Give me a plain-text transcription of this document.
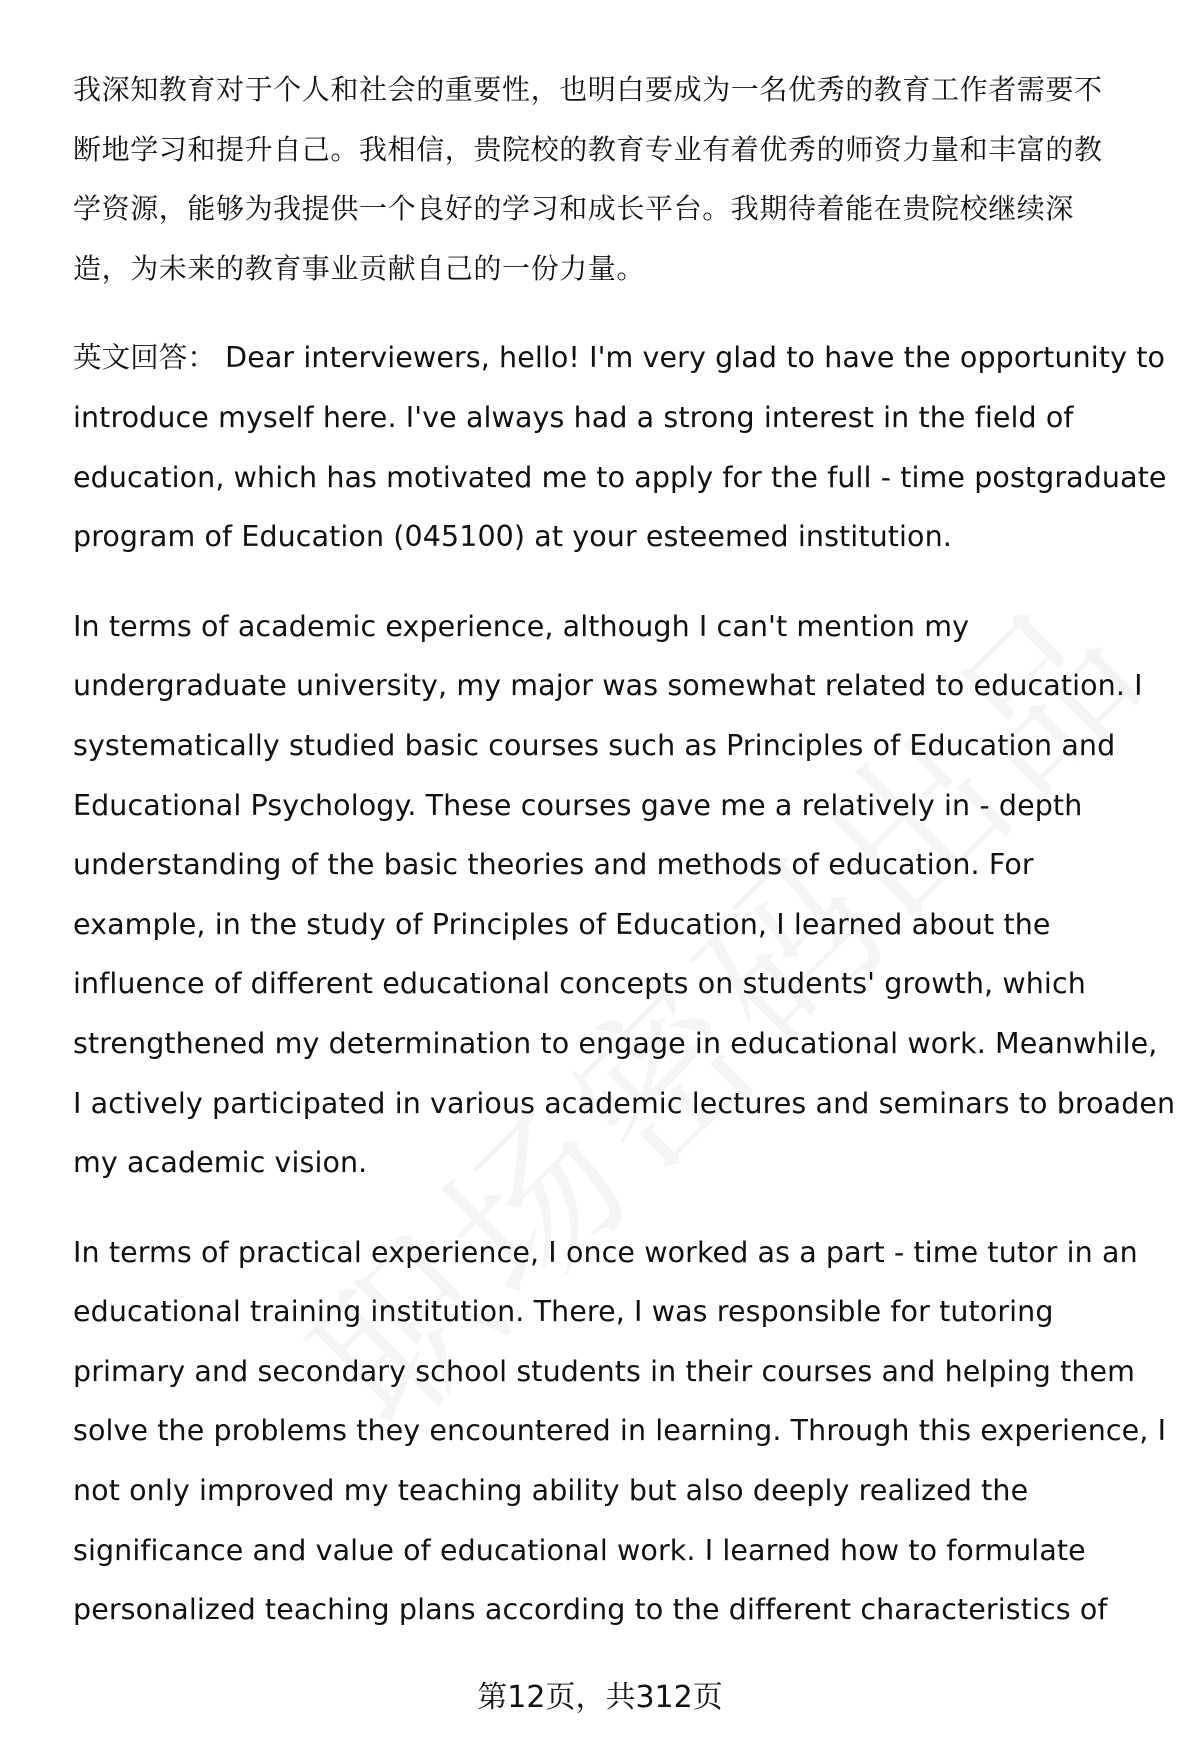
我深知教育对于个人和社会的重要性，也明白要成为一名优秀的教育工作者需要不
断地学习和提升自己。我相信，贵院校的教育专业有着优秀的师资力量和丰富的教
学资源，能够为我提供一个良好的学习和成长平台。我期待着能在贵院校继续深
造，为未来的教育事业贡献自己的一份力量。
英文回答： Dear interviewers, hello! I'm very glad to have the opportunity to
introduce myself here. I've always had a strong interest in the field of
education, which has motivated me to apply for the full - time postgraduate
program of Education (045100) at your esteemed institution.
In terms of academic experience, although I can't mention my
undergraduate university, my major was somewhat related to education. I
systematically studied basic courses such as Principles of Education and
Educational Psychology. These courses gave me a relatively in - depth
understanding of the basic theories and methods of education. For
example, in the study of Principles of Education, I learned about the
influence of different educational concepts on students' growth, which
strengthened my determination to engage in educational work. Meanwhile,
I actively participated in various academic lectures and seminars to broaden
my academic vision.
In terms of practical experience, I once worked as a part - time tutor in an
educational training institution. There, I was responsible for tutoring
primary and secondary school students in their courses and helping them
solve the problems they encountered in learning. Through this experience, I
not only improved my teaching ability but also deeply realized the
significance and value of educational work. I learned how to formulate
personalized teaching plans according to the different characteristics of
第12页，共312页
